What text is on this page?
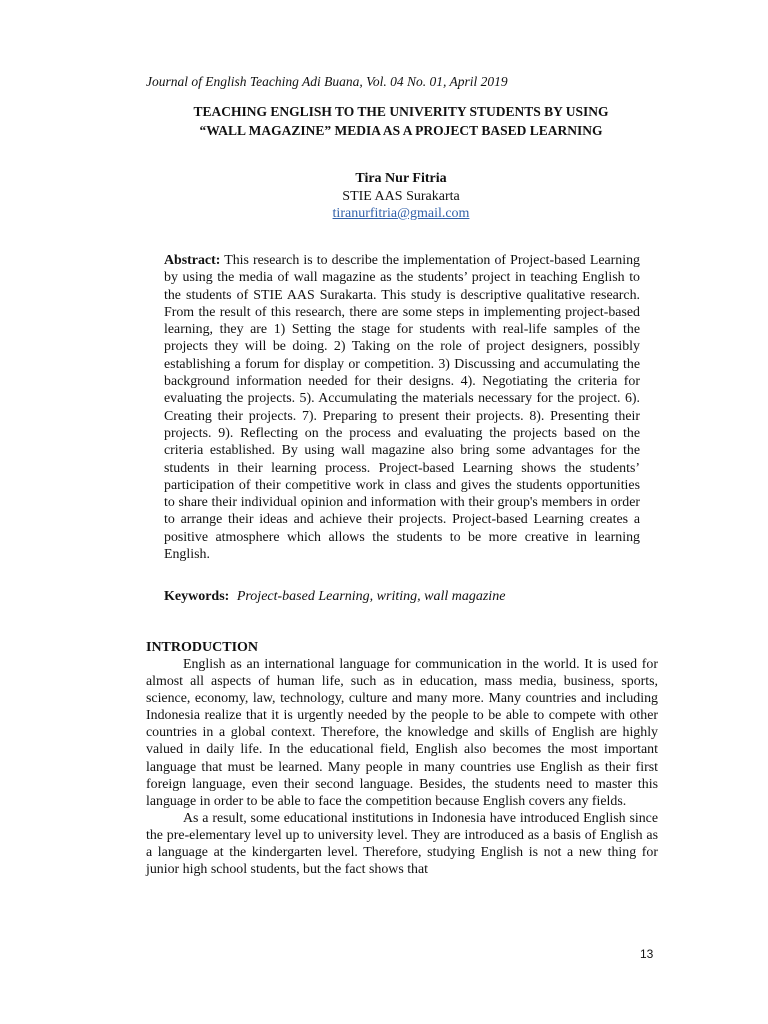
Journal of English Teaching Adi Buana, Vol. 04 No. 01, April 2019
TEACHING ENGLISH TO THE UNIVERITY STUDENTS BY USING
“WALL MAGAZINE” MEDIA AS A PROJECT BASED LEARNING
Tira Nur Fitria
STIE AAS Surakarta
tiranurfitria@gmail.com
Abstract: This research is to describe the implementation of Project-based Learning by using the media of wall magazine as the students’ project in teaching English to the students of STIE AAS Surakarta. This study is descriptive qualitative research. From the result of this research, there are some steps in implementing project-based learning, they are 1) Setting the stage for students with real-life samples of the projects they will be doing. 2) Taking on the role of project designers, possibly establishing a forum for display or competition. 3) Discussing and accumulating the background information needed for their designs. 4). Negotiating the criteria for evaluating the projects. 5). Accumulating the materials necessary for the project. 6). Creating their projects. 7). Preparing to present their projects. 8). Presenting their projects. 9). Reflecting on the process and evaluating the projects based on the criteria established. By using wall magazine also bring some advantages for the students in their learning process. Project-based Learning shows the students’ participation of their competitive work in class and gives the students opportunities to share their individual opinion and information with their group's members in order to arrange their ideas and achieve their projects. Project-based Learning creates a positive atmosphere which allows the students to be more creative in learning English.
Keywords: Project-based Learning, writing, wall magazine
INTRODUCTION

English as an international language for communication in the world. It is used for almost all aspects of human life, such as in education, mass media, business, sports, science, economy, law, technology, culture and many more. Many countries and including Indonesia realize that it is urgently needed by the people to be able to compete with other countries in a global context. Therefore, the knowledge and skills of English are highly valued in daily life. In the educational field, English also becomes the most important language that must be learned. Many people in many countries use English as their first foreign language, even their second language. Besides, the students need to master this language in order to be able to face the competition because English covers any fields.

As a result, some educational institutions in Indonesia have introduced English since the pre-elementary level up to university level. They are introduced as a basis of English as a language at the kindergarten level. Therefore, studying English is not a new thing for junior high school students, but the fact shows that

13
